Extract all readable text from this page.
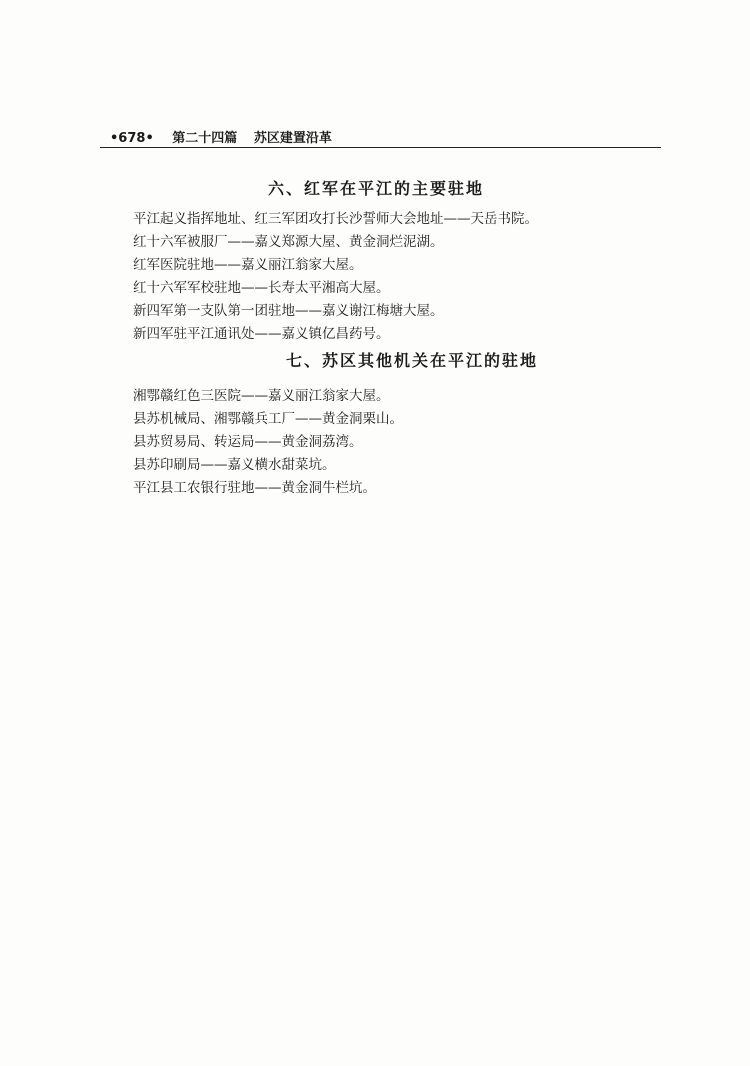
•678• 第二十四篇 苏区建置沿革
六、红军在平江的主要驻地
平江起义指挥地址、红三军团攻打长沙誓师大会地址——天岳书院。
红十六军被服厂——嘉义郑源大屋、黄金洞烂泥湖。
红军医院驻地——嘉义丽江翁家大屋。
红十六军军校驻地——长寿太平湘高大屋。
新四军第一支队第一团驻地——嘉义谢江梅塘大屋。
新四军驻平江通讯处——嘉义镇亿昌药号。
七、苏区其他机关在平江的驻地
湘鄂赣红色三医院——嘉义丽江翁家大屋。
县苏机械局、湘鄂赣兵工厂——黄金洞栗山。
县苏贸易局、转运局——黄金洞荔湾。
县苏印刷局——嘉义横水甜菜坑。
平江县工农银行驻地——黄金洞牛栏坑。
